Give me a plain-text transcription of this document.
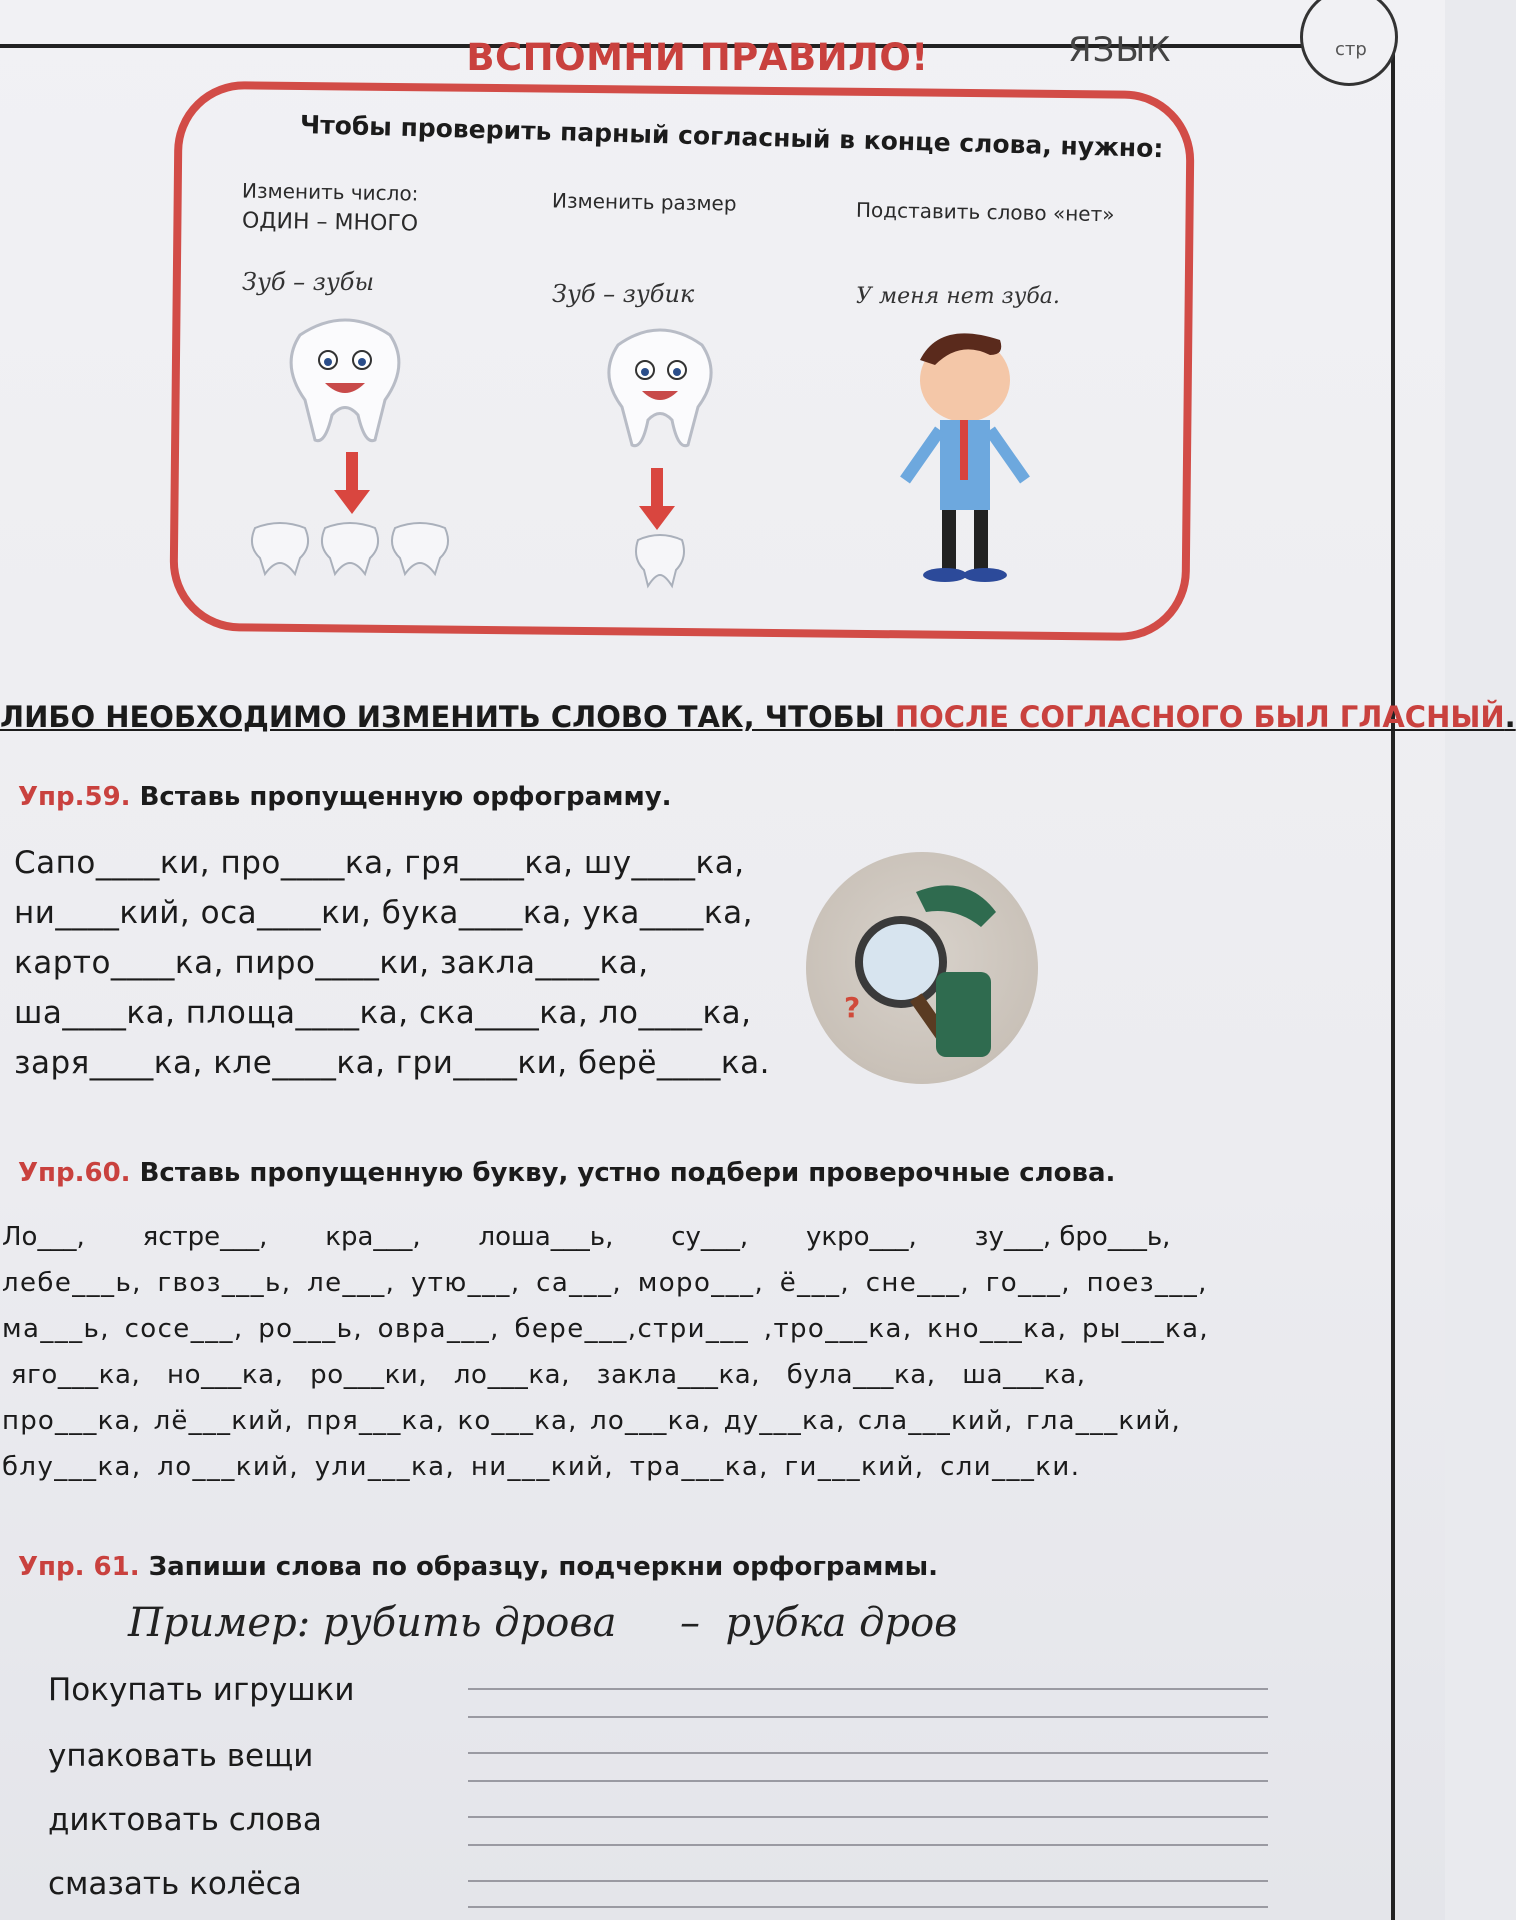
ЯЗЫК	стр
ВСПОМНИ ПРАВИЛО!
Чтобы проверить парный согласный в конце слова, нужно:
Изменить число:
ОДИН – МНОГО
Изменить размер	Подставить слово «нет»
Зуб – зубы	Зуб – зубик	У меня нет зуба.
ЛИБО НЕОБХОДИМО ИЗМЕНИТЬ СЛОВО ТАК, ЧТОБЫ ПОСЛЕ СОГЛАСНОГО БЫЛ ГЛАСНЫЙ.
Упр.59. Вставь пропущенную орфограмму.
Сапо____ки, про____ка, гря____ка, шу____ка,
ни____кий, оса____ки, бука____ка, ука____ка,
карто____ка, пиро____ки, закла____ка,
ша____ка, площа____ка, ска____ка, ло____ка,
заря____ка, кле____ка, гри____ки, берё____ка.
?
Упр.60. Вставь пропущенную букву, устно подбери проверочные слова.
Ло___,       ястре___,       кра___,       лоша___ь,       су___,       укро___,       зу___, бро___ь,
лебе___ь, гвоз___ь, ле___, утю___, са___, моро___, ё___, сне___, го___, поез___,
ма___ь, сосе___, ро___ь, овра___, бере___,стри___ ,тро___ка, кно___ка, ры___ка,
яго___ка,   но___ка,   ро___ки,   ло___ка,   закла___ка,   була___ка,   ша___ка,
про___ка, лё___кий, пря___ка, ко___ка, ло___ка, ду___ка, сла___кий, гла___кий,
блу___ка, ло___кий, ули___ка, ни___кий, тра___ка, ги___кий, сли___ки.
Упр. 61. Запиши слова по образцу, подчеркни орфограммы.
Пример: рубить дрова     –  рубка дров
Покупать игрушки
упаковать вещи
диктовать слова
смазать колёса
